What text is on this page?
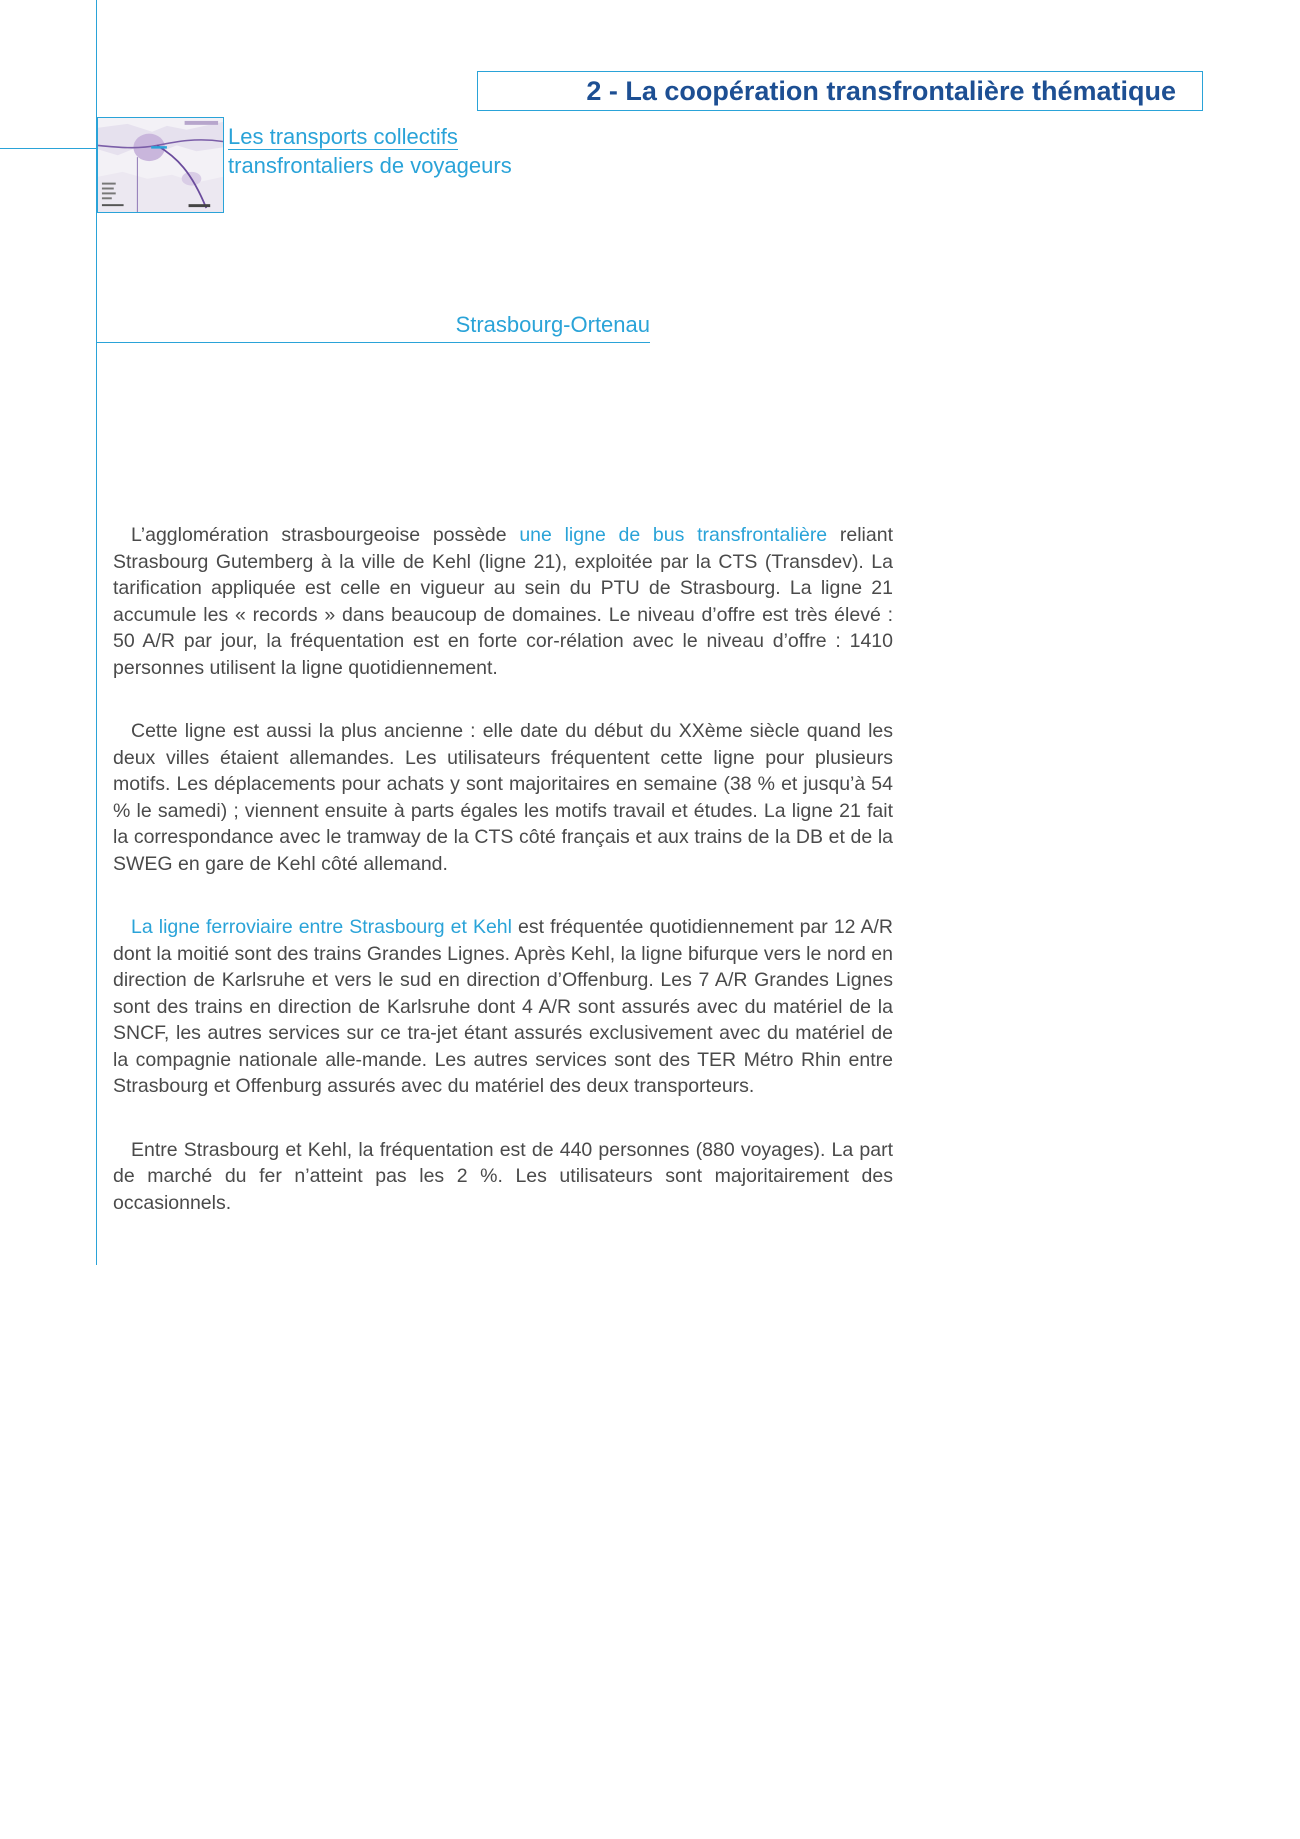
2 - La coopération transfrontalière thématique
Les transports collectifs
transfrontaliers de voyageurs
Strasbourg-Ortenau

L’agglomération strasbourgeoise possède une ligne de bus transfrontalière reliant Strasbourg Gutemberg à la ville de Kehl (ligne 21), exploitée par la CTS (Transdev). La tarification appliquée est celle en vigueur au sein du PTU de Strasbourg. La ligne 21 accumule les « records » dans beaucoup de domaines. Le niveau d’offre est très élevé : 50 A/R par jour, la fréquentation est en forte cor-rélation avec le niveau d’offre : 1410 personnes utilisent la ligne quotidiennement.

Cette ligne est aussi la plus ancienne : elle date du début du XXème siècle quand les deux villes étaient allemandes. Les utilisateurs fréquentent cette ligne pour plusieurs motifs. Les déplacements pour achats y sont majoritaires en semaine (38 % et jusqu’à 54 % le samedi) ; viennent ensuite à parts égales les motifs travail et études. La ligne 21 fait la correspondance avec le tramway de la CTS côté français et aux trains de la DB et de la SWEG en gare de Kehl côté allemand.

La ligne ferroviaire entre Strasbourg et Kehl est fréquentée quotidiennement par 12 A/R dont la moitié sont des trains Grandes Lignes. Après Kehl, la ligne bifurque vers le nord en direction de Karlsruhe et vers le sud en direction d’Offenburg. Les 7 A/R Grandes Lignes sont des trains en direction de Karlsruhe dont 4 A/R sont assurés avec du matériel de la SNCF, les autres services sur ce tra-jet étant assurés exclusivement avec du matériel de la compagnie nationale alle-mande. Les autres services sont des TER Métro Rhin entre Strasbourg et Offenburg assurés avec du matériel des deux transporteurs.

Entre Strasbourg et Kehl, la fréquentation est de 440 personnes (880 voyages). La part de marché du fer n’atteint pas les 2 %. Les utilisateurs sont majoritairement des occasionnels.
